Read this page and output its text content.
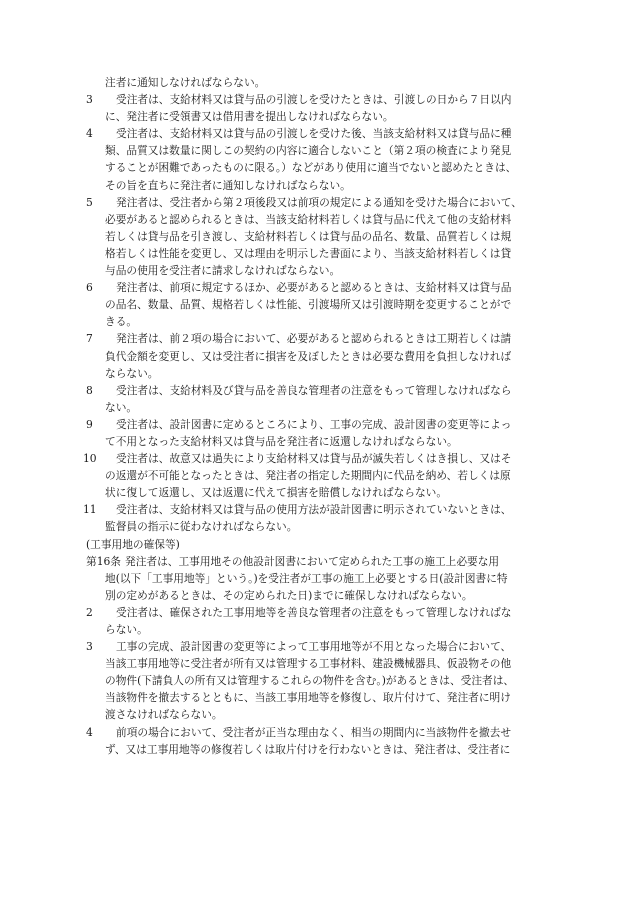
注者に通知しなければならない。

3	受注者は、支給材料又は貸与品の引渡しを受けたときは、引渡しの日から７日以内
に、発注者に受領書又は借用書を提出しなければならない。

4	受注者は、支給材料又は貸与品の引渡しを受けた後、当該支給材料又は貸与品に種
類、品質又は数量に関しこの契約の内容に適合しないこと（第２項の検査により発見
することが困難であったものに限る。）などがあり使用に適当でないと認めたときは、
その旨を直ちに発注者に通知しなければならない。

5	発注者は、受注者から第２項後段又は前項の規定による通知を受けた場合において、
必要があると認められるときは、当該支給材料若しくは貸与品に代えて他の支給材料
若しくは貸与品を引き渡し、支給材料若しくは貸与品の品名、数量、品質若しくは規
格若しくは性能を変更し、又は理由を明示した書面により、当該支給材料若しくは貸
与品の使用を受注者に請求しなければならない。

6	発注者は、前項に規定するほか、必要があると認めるときは、支給材料又は貸与品
の品名、数量、品質、規格若しくは性能、引渡場所又は引渡時期を変更することがで
きる。

7	発注者は、前２項の場合において、必要があると認められるときは工期若しくは請
負代金額を変更し、又は受注者に損害を及ぼしたときは必要な費用を負担しなければ
ならない。

8	受注者は、支給材料及び貸与品を善良な管理者の注意をもって管理しなければなら
ない。

9	受注者は、設計図書に定めるところにより、工事の完成、設計図書の変更等によっ
て不用となった支給材料又は貸与品を発注者に返還しなければならない。

10	受注者は、故意又は過失により支給材料又は貸与品が滅失若しくはき損し、又はそ
の返還が不可能となったときは、発注者の指定した期間内に代品を納め、若しくは原
状に復して返還し、又は返還に代えて損害を賠償しなければならない。

11	受注者は、支給材料又は貸与品の使用方法が設計図書に明示されていないときは、
監督員の指示に従わなければならない。

(工事用地の確保等)

第16条 発注者は、工事用地その他設計図書において定められた工事の施工上必要な用
地(以下「工事用地等」という。)を受注者が工事の施工上必要とする日(設計図書に特
別の定めがあるときは、その定められた日)までに確保しなければならない。

2	受注者は、確保された工事用地等を善良な管理者の注意をもって管理しなければな
らない。

3	工事の完成、設計図書の変更等によって工事用地等が不用となった場合において、
当該工事用地等に受注者が所有又は管理する工事材料、建設機械器具、仮設物その他
の物件(下請負人の所有又は管理するこれらの物件を含む。)があるときは、受注者は、
当該物件を撤去するとともに、当該工事用地等を修復し、取片付けて、発注者に明け
渡さなければならない。

4	前項の場合において、受注者が正当な理由なく、相当の期間内に当該物件を撤去せ
ず、又は工事用地等の修復若しくは取片付けを行わないときは、発注者は、受注者に
